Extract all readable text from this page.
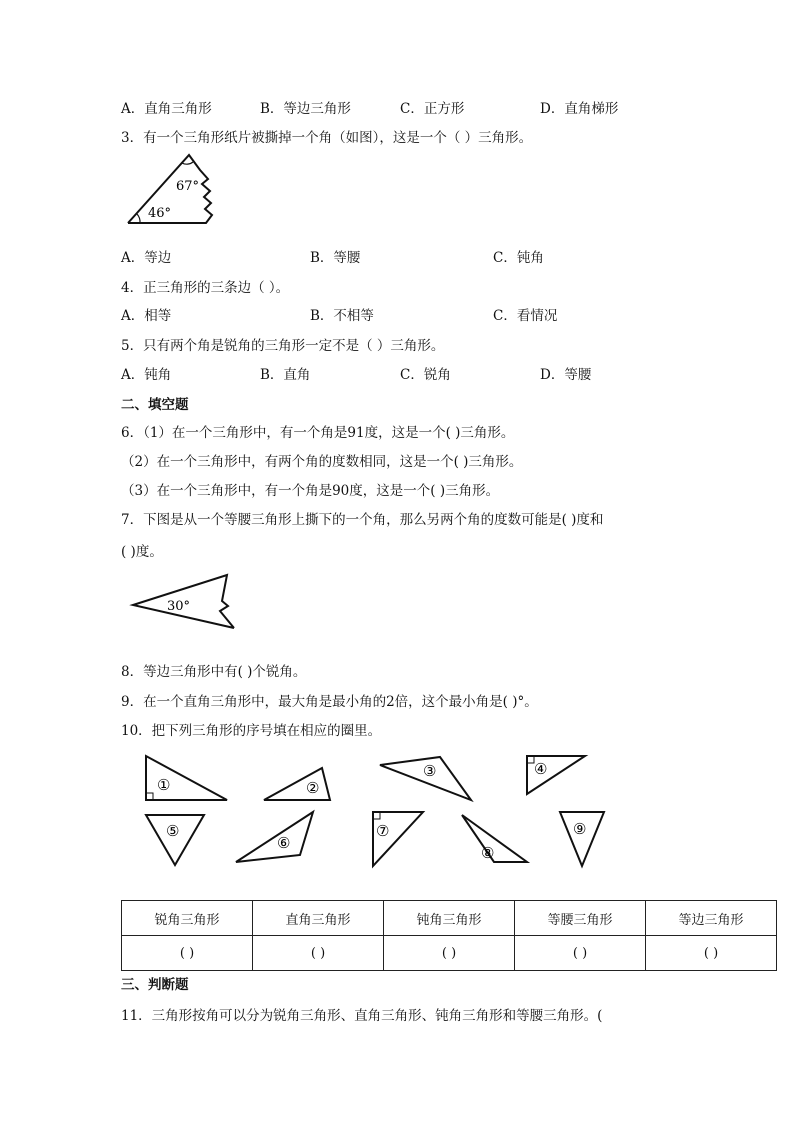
A．直角三角形	B．等边三角形	C．正方形	D．直角梯形
3．有一个三角形纸片被撕掉一个角（如图），这是一个（ ）三角形。
67°
46°
A．等边	B．等腰	C．钝角
4．正三角形的三条边（ ）。
A．相等	B．不相等	C．看情况
5．只有两个角是锐角的三角形一定不是（ ）三角形。
A．钝角	B．直角	C．锐角	D．等腰
二、填空题
6．（1）在一个三角形中，有一个角是91度，这是一个( )三角形。
（2）在一个三角形中，有两个角的度数相同，这是一个( )三角形。
（3）在一个三角形中，有一个角是90度，这是一个( )三角形。
7．下图是从一个等腰三角形上撕下的一个角，那么另两个角的度数可能是( )度和
( )度。
30°
8．等边三角形中有( )个锐角。
9．在一个直角三角形中，最大角是最小角的2倍，这个最小角是( )°。
10．把下列三角形的序号填在相应的圈里。
①	②
③	④
⑤
⑥
⑦
⑧
⑨
锐角三角形	直角三角形	钝角三角形	等腰三角形	等边三角形
( )	( )	( )	( )	( )
三、判断题
11．三角形按角可以分为锐角三角形、直角三角形、钝角三角形和等腰三角形。(
